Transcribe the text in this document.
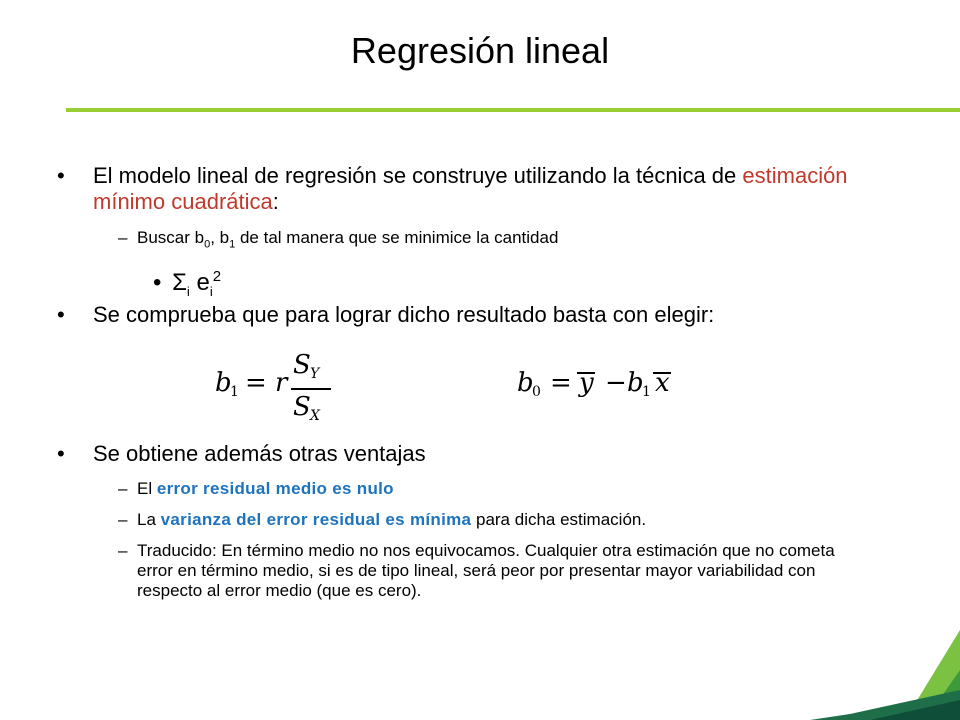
Regresión lineal
• El modelo lineal de regresión se construye utilizando la técnica de estimación mínimo cuadrática:
– Buscar $b_0$, $b_1$ de tal manera que se minimice la cantidad
• $\Sigma_i$ $e_i^2$
• Se comprueba que para lograr dicho resultado basta con elegir:
b
1 = r
S Y
S X
b
0 = y − b
1 x
• Se obtiene además otras ventajas
– El error residual medio es nulo
– La varianza del error residual es mínima para dicha estimación.
– Traducido: En término medio no nos equivocamos. Cualquier otra estimación que no cometa error en término medio, si es de tipo lineal, será peor por presentar mayor variabilidad con respecto al error medio (que es cero).
